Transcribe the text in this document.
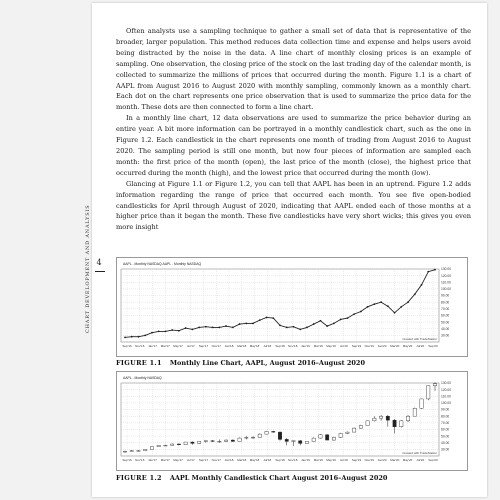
Often analysts use a sampling technique to gather a small set of data that is representative of the broader, larger population. This method reduces data collection time and expense and helps users avoid being distracted by the noise in the data. A line chart of monthly closing prices is an example of sampling. One observation, the closing price of the stock on the last trading day of the calendar month, is collected to summarize the millions of prices that occurred during the month. Figure 1.1 is a chart of AAPL from August 2016 to August 2020 with monthly sampling, commonly known as a monthly chart. Each dot on the chart represents one price observation that is used to summarize the price data for the month. These dots are then connected to form a line chart.

In a monthly line chart, 12 data observations are used to summarize the price behavior during an entire year. A bit more information can be portrayed in a monthly candlestick chart, such as the one in Figure 1.2. Each candlestick in the chart represents one month of trading from August 2016 to August 2020. The sampling period is still one month, but now four pieces of information are sampled each month: the first price of the month (open), the last price of the month (close), the highest price that occurred during the month (high), and the lowest price that occurred during the month (low).

Glancing at Figure 1.1 or Figure 1.2, you can tell that AAPL has been in an uptrend. Figure 1.2 adds information regarding the range of price that occurred each month. You see five open-bodied candlesticks for April through August of 2020, indicating that AAPL ended each of those months at a higher price than it began the month. These five candlesticks have very short wicks; this gives you even more insight

4
CHART DEVELOPMENT AND ANALYSIS	AAPL - Monthly NASDAQ AAPL - Monthly NASDAQ
130.00
120.00
110.00
100.00
90.00
80.00
70.00
60.00
50.00
40.00
30.00
Sep'16 Nov'16 Jan'17 Mar'17 May'17 Jul'17 Sep'17 Nov'17 Jan'18 Mar'18 May'18 Jul'18 Sep'18 Nov'18 Jan'19 Mar'19 May'19 Jul'19 Sep'19 Nov'19 Jan'20 Mar'20 May'20 Jul'20 Sep'20
Created with TradeStation
FIGURE 1.1 Monthly Line Chart, AAPL, August 2016–August 2020
AAPL - Monthly NASDAQ
130.00
120.00
110.00
100.00
90.00
80.00
70.00
60.00
50.00
40.00
30.00
Sep'16 Nov'16 Jan'17 Mar'17 May'17 Jul'17 Sep'17 Nov'17 Jan'18 Mar'18 May'18 Jul'18 Sep'18 Nov'18 Jan'19 Mar'19 May'19 Jul'19 Sep'19 Nov'19 Jan'20 Mar'20 May'20 Jul'20 Sep'20
Created with TradeStation
FIGURE 1.2 AAPL Monthly Candlestick Chart August 2016–August 2020
